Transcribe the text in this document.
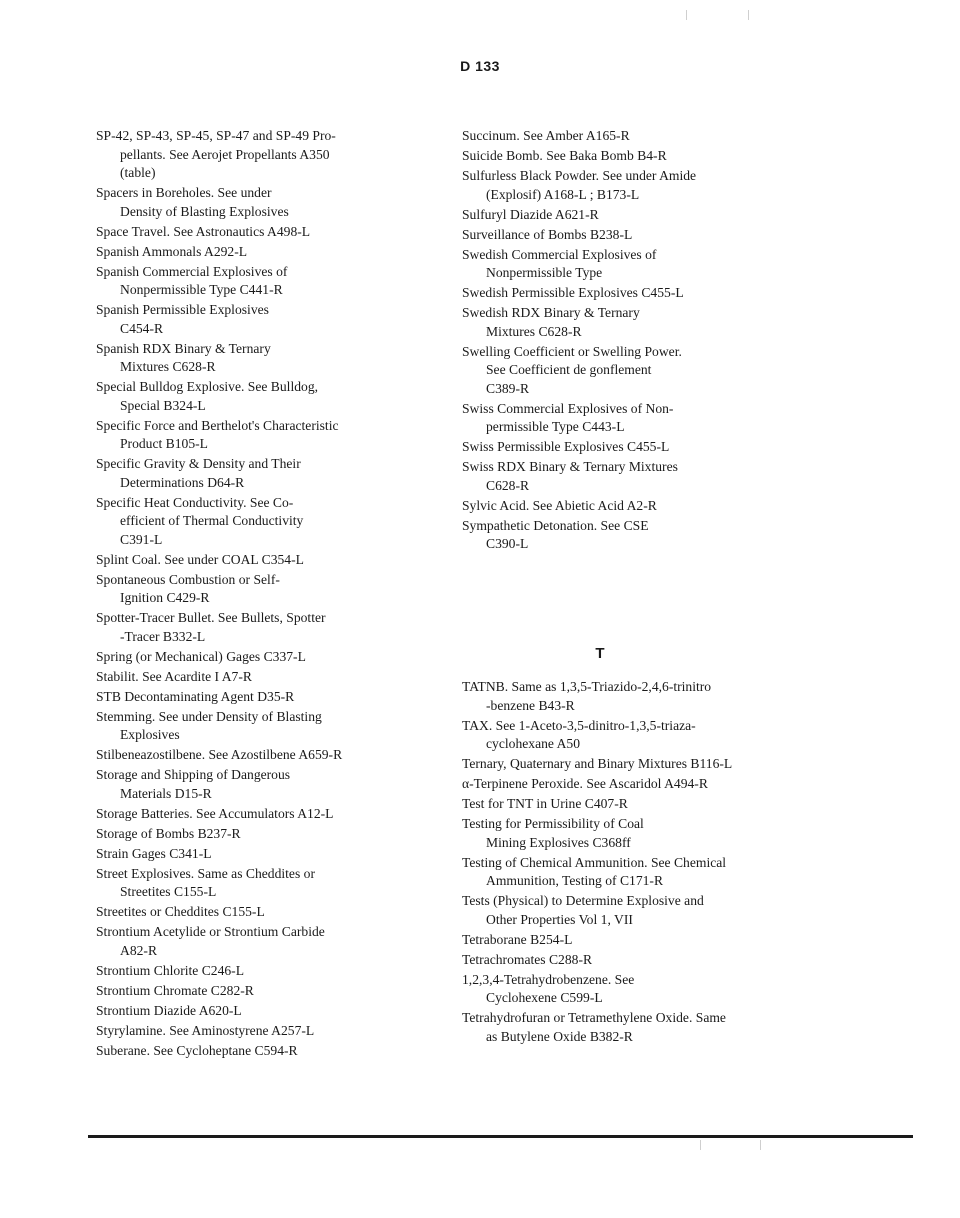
D 133
SP-42, SP-43, SP-45, SP-47 and SP-49 Pro-
pellants. See Aerojet Propellants A350
(table)
Spacers in Boreholes. See under
Density of Blasting Explosives
Space Travel. See Astronautics A498-L
Spanish Ammonals A292-L
Spanish Commercial Explosives of
Nonpermissible Type C441-R
Spanish Permissible Explosives
C454-R
Spanish RDX Binary & Ternary
Mixtures C628-R
Special Bulldog Explosive. See Bulldog,
Special B324-L
Specific Force and Berthelot's Characteristic
Product B105-L
Specific Gravity & Density and Their
Determinations D64-R
Specific Heat Conductivity. See Co-
efficient of Thermal Conductivity
C391-L
Splint Coal. See under COAL C354-L
Spontaneous Combustion or Self-
Ignition C429-R
Spotter-Tracer Bullet. See Bullets, Spotter
-Tracer B332-L
Spring (or Mechanical) Gages C337-L
Stabilit. See Acardite I A7-R
STB Decontaminating Agent D35-R
Stemming. See under Density of Blasting
Explosives
Stilbeneazostilbene. See Azostilbene A659-R
Storage and Shipping of Dangerous
Materials D15-R
Storage Batteries. See Accumulators A12-L
Storage of Bombs B237-R
Strain Gages C341-L
Street Explosives. Same as Cheddites or
Streetites C155-L
Streetites or Cheddites C155-L
Strontium Acetylide or Strontium Carbide
A82-R
Strontium Chlorite C246-L
Strontium Chromate C282-R
Strontium Diazide A620-L
Styrylamine. See Aminostyrene A257-L
Suberane. See Cycloheptane C594-R
Succinum. See Amber A165-R
Suicide Bomb. See Baka Bomb B4-R
Sulfurless Black Powder. See under Amide
(Explosif) A168-L ; B173-L
Sulfuryl Diazide A621-R
Surveillance of Bombs B238-L
Swedish Commercial Explosives of
Nonpermissible Type
Swedish Permissible Explosives C455-L
Swedish RDX Binary & Ternary
Mixtures C628-R
Swelling Coefficient or Swelling Power.
See Coefficient de gonflement
C389-R
Swiss Commercial Explosives of Non-
permissible Type C443-L
Swiss Permissible Explosives C455-L
Swiss RDX Binary & Ternary Mixtures
C628-R
Sylvic Acid. See Abietic Acid A2-R
Sympathetic Detonation. See CSE
C390-L
T
TATNB. Same as 1,3,5-Triazido-2,4,6-trinitro
-benzene B43-R
TAX. See 1-Aceto-3,5-dinitro-1,3,5-triaza-
cyclohexane A50
Ternary, Quaternary and Binary Mixtures B116-L
α-Terpinene Peroxide. See Ascaridol A494-R
Test for TNT in Urine C407-R
Testing for Permissibility of Coal
Mining Explosives C368ff
Testing of Chemical Ammunition. See Chemical
Ammunition, Testing of C171-R
Tests (Physical) to Determine Explosive and
Other Properties Vol 1, VII
Tetraborane B254-L
Tetrachromates C288-R
1,2,3,4-Tetrahydrobenzene. See
Cyclohexene C599-L
Tetrahydrofuran or Tetramethylene Oxide. Same
as Butylene Oxide B382-R
